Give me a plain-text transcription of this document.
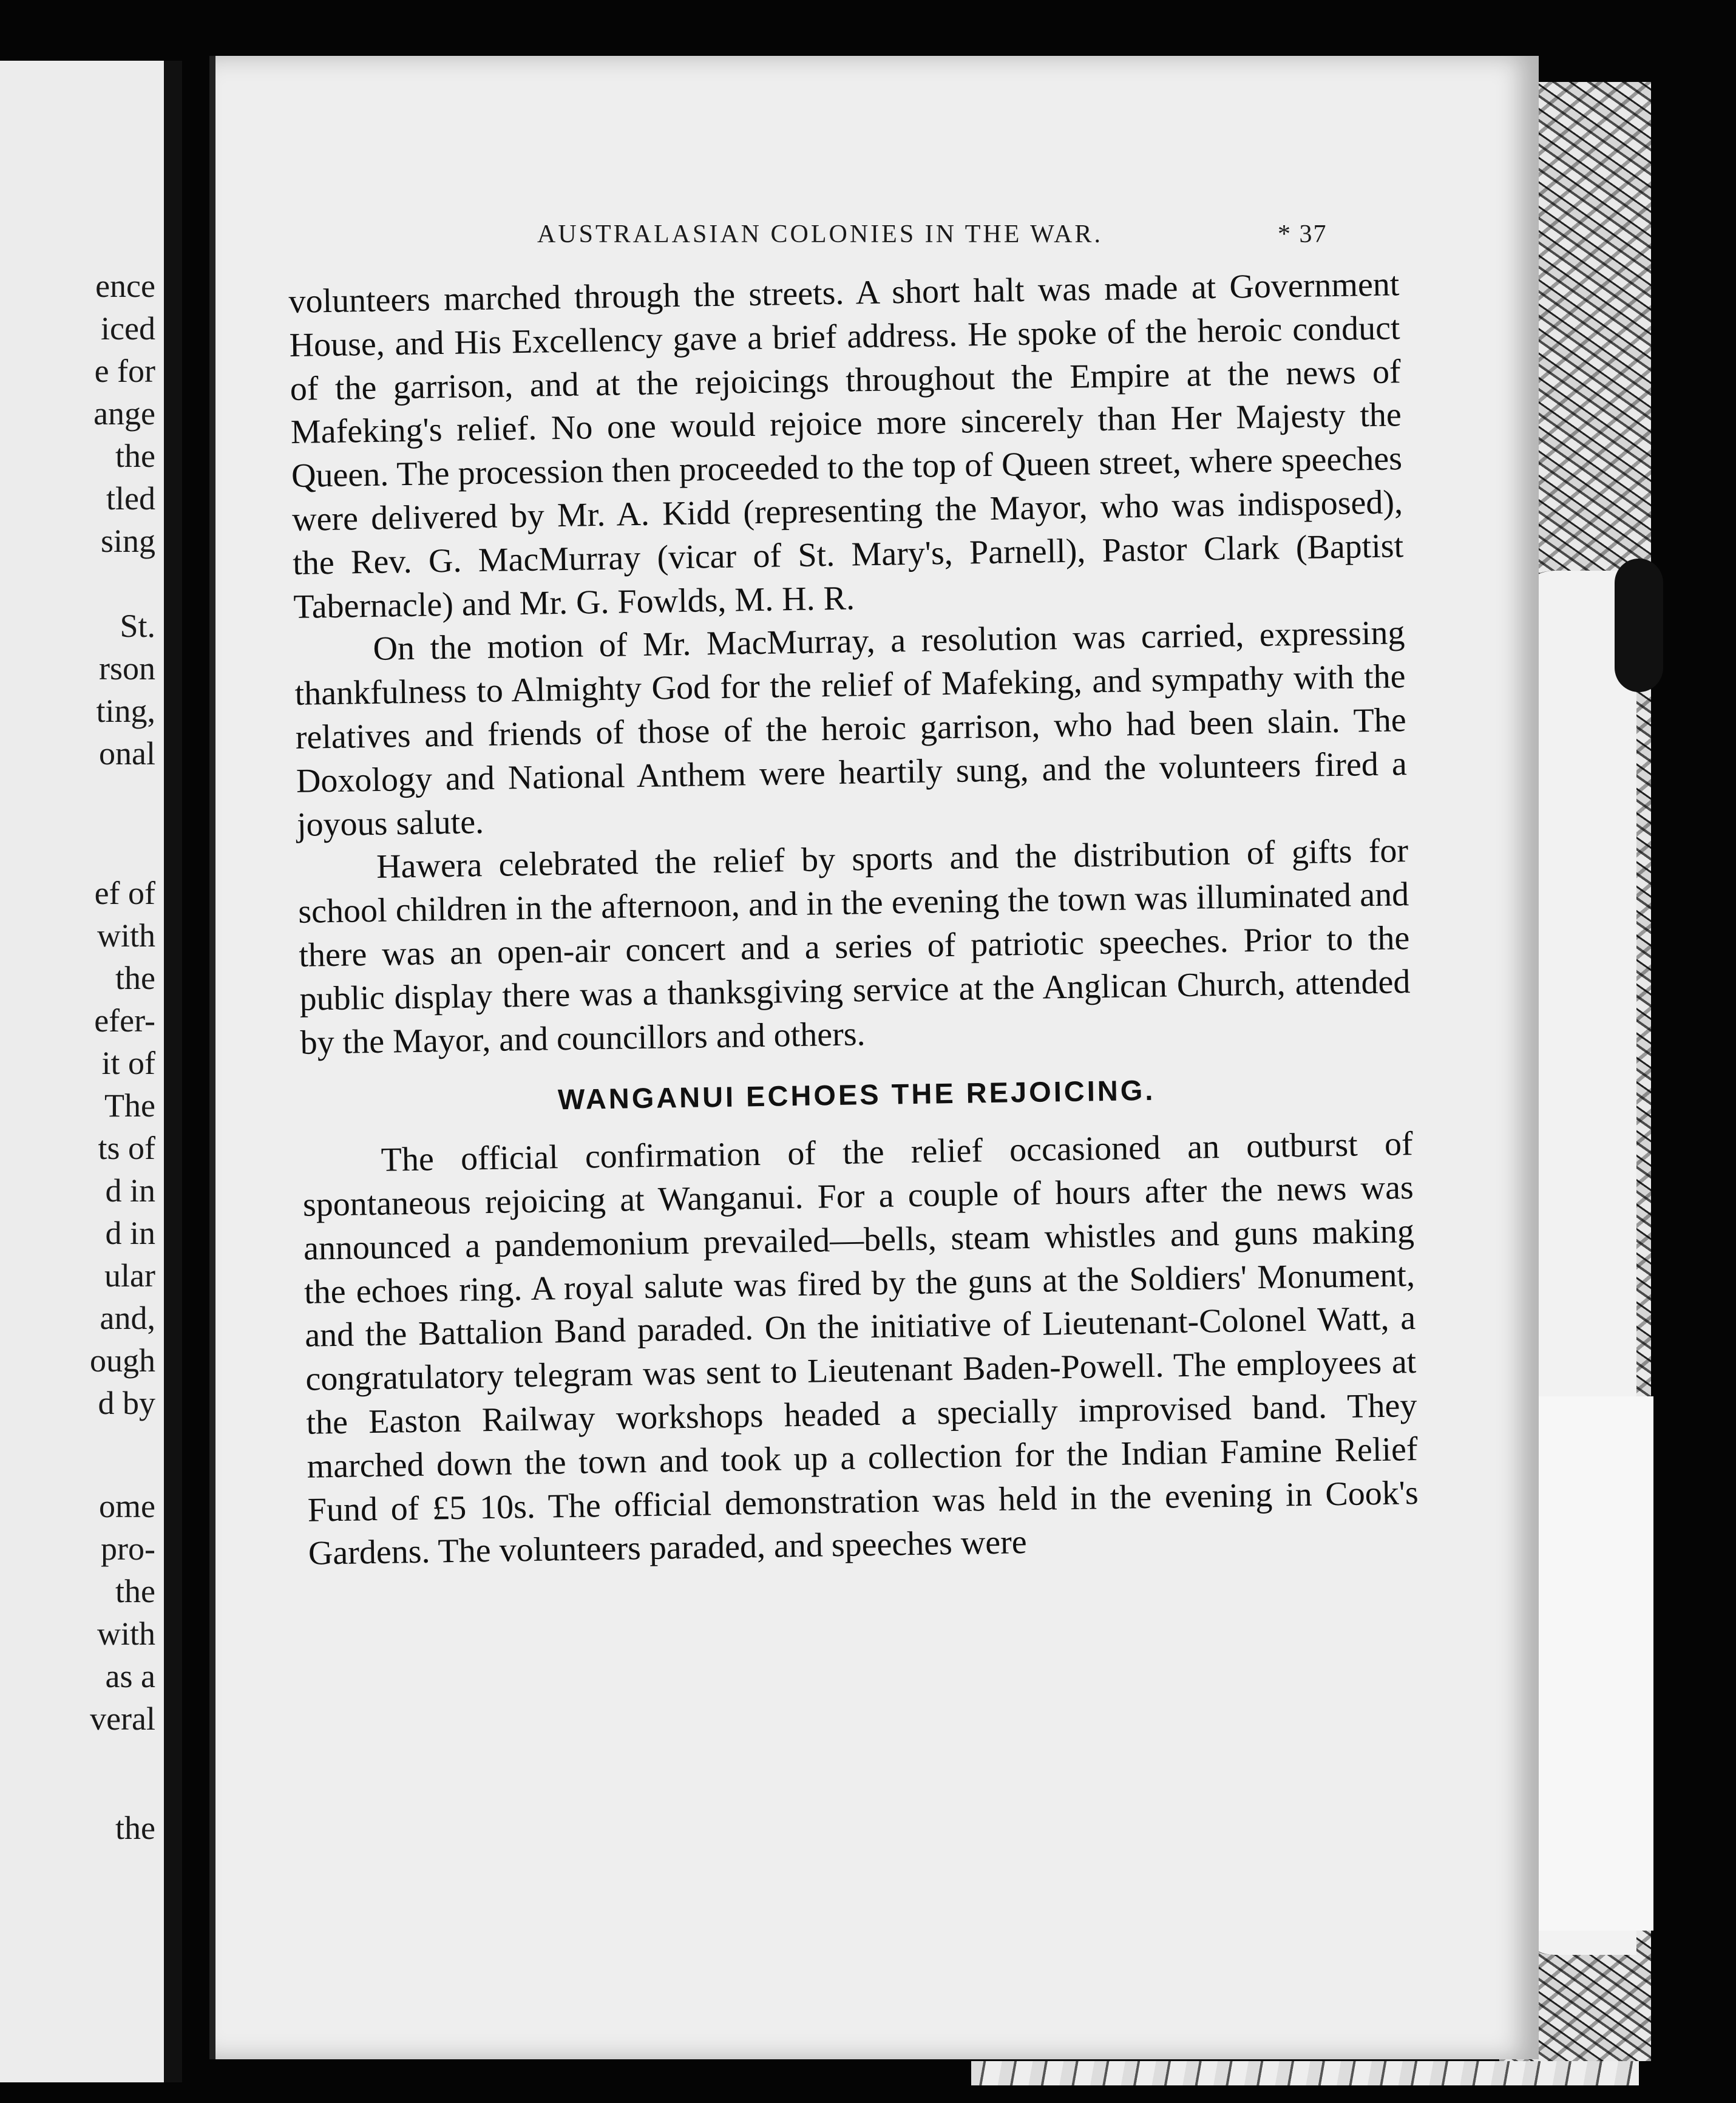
ence
iced
e for
ange
the
tled
sing
St.
rson
ting,
onal
ef of
with
the
efer-
it of
The
ts of
d in
d in
ular
and,
ough
d by
ome
pro-
the
with
as a
veral
the
AUSTRALASIAN COLONIES IN THE WAR.	* 37

volunteers marched through the streets. A short halt was made at Government House, and His Excellency gave a brief address. He spoke of the heroic conduct of the garrison, and at the rejoicings throughout the Empire at the news of Mafeking's relief. No one would rejoice more sincerely than Her Majesty the Queen. The procession then proceeded to the top of Queen street, where speeches were delivered by Mr. A. Kidd (representing the Mayor, who was indisposed), the Rev. G. MacMurray (vicar of St. Mary's, Parnell), Pastor Clark (Baptist Tabernacle) and Mr. G. Fowlds, M. H. R.

On the motion of Mr. MacMurray, a resolution was carried, expressing thankfulness to Almighty God for the relief of Mafeking, and sympathy with the relatives and friends of those of the heroic garrison, who had been slain. The Doxology and National Anthem were heartily sung, and the volunteers fired a joyous salute.

Hawera celebrated the relief by sports and the distribution of gifts for school children in the afternoon, and in the evening the town was illuminated and there was an open-air concert and a series of patriotic speeches. Prior to the public display there was a thanksgiving service at the Anglican Church, attended by the Mayor, and councillors and others.

WANGANUI ECHOES THE REJOICING.

The official confirmation of the relief occasioned an outburst of spontaneous rejoicing at Wanganui. For a couple of hours after the news was announced a pandemonium prevailed—bells, steam whistles and guns making the echoes ring. A royal salute was fired by the guns at the Soldiers' Monument, and the Battalion Band paraded. On the initiative of Lieutenant-Colonel Watt, a congratulatory telegram was sent to Lieutenant Baden-Powell. The employees at the Easton Railway workshops headed a specially improvised band. They marched down the town and took up a collection for the Indian Famine Relief Fund of £5 10s. The official demonstration was held in the evening in Cook's Gardens. The volunteers paraded, and speeches were
